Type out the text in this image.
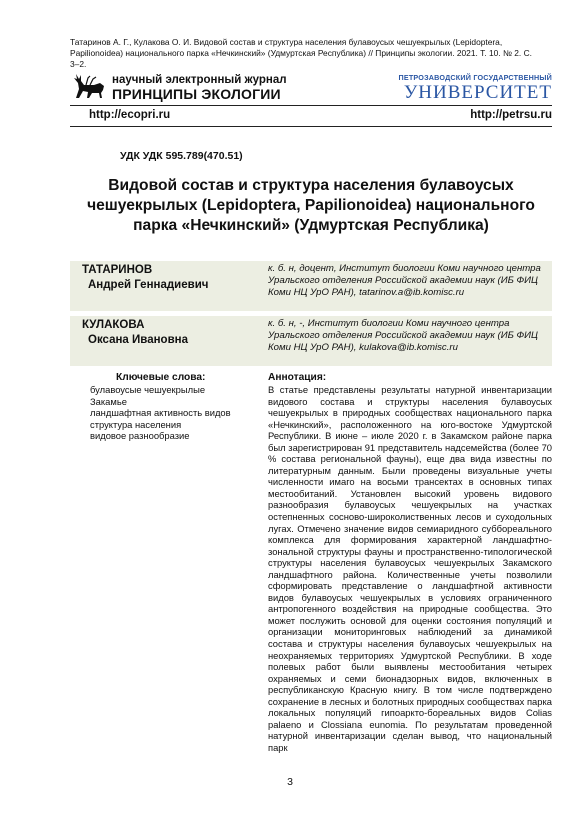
Татаринов А. Г., Кулакова О. И. Видовой состав и структура населения булавоусых чешуекрылых (Lepidoptera, Papilionoidea) национального парка «Нечкинский» (Удмуртская Республика) // Принципы экологии. 2021. Т. 10. № 2. С. 3–2.
научный электронный журнал
ПРИНЦИПЫ ЭКОЛОГИИ
ПЕТРОЗАВОДСКИЙ ГОСУДАРСТВЕННЫЙ
УНИВЕРСИТЕТ
http://ecopri.ru	http://petrsu.ru
УДК УДК 595.789(470.51)
Видовой состав и структура населения булавоусых чешуекрылых (Lepidoptera, Papilionoidea) национального парка «Нечкинский» (Удмуртская Республика)
ТАТАРИНОВ
Андрей Геннадиевич
к. б. н, доцент, Институт биологии Коми научного центра Уральского отделения Российской академии наук (ИБ ФИЦ Коми НЦ УрО РАН), tatarinov.a@ib.komisc.ru
КУЛАКОВА
Оксана Ивановна
к. б. н, -, Институт биологии Коми научного центра Уральского отделения Российской академии наук (ИБ ФИЦ Коми НЦ УрО РАН), kulakova@ib.komisc.ru
Ключевые слова:
булавоусые чешуекрылые
Закамье
ландшафтная активность видов
структура населения
видовое разнообразие
Аннотация:
В статье представлены результаты натурной инвентаризации видового состава и структуры населения булавоусых чешуекрылых в природных сообществах национального парка «Нечкинский», расположенного на юго-востоке Удмуртской Республики. В июне – июле 2020 г. в Закамском районе парка был зарегистрирован 91 представитель надсемейства (более 70 % состава региональной фауны), еще два вида известны по литературным данным. Были проведены визуальные учеты численности имаго на восьми трансектах в основных типах местообитаний. Установлен высокий уровень видового разнообразия булавоусых чешуекрылых на участках остепненных сосново-широколиственных лесов и суходольных лугах. Отмечено значение видов семиаридного суббореального комплекса для формирования характерной ландшафтно-зональной структуры фауны и пространственно-типологической структуры населения булавоусых чешуекрылых Закамского ландшафтного района. Количественные учеты позволили сформировать представление о ландшафтной активности видов булавоусых чешуекрылых в условиях ограниченного антропогенного воздействия на природные сообщества. Это может послужить основой для оценки состояния популяций и организации мониторинговых наблюдений за динамикой состава и структуры населения булавоусых чешуекрылых на неохраняемых территориях Удмуртской Республики. В ходе полевых работ были выявлены местообитания четырех охраняемых и семи бионадзорных видов, включенных в республиканскую Красную книгу. В том числе подтверждено сохранение в лесных и болотных природных сообществах парка локальных популяций гипоаркто-бореальных видов Colias palaeno и Clossiana eunomia. По результатам проведенной натурной инвентаризации сделан вывод, что национальный парк
3
